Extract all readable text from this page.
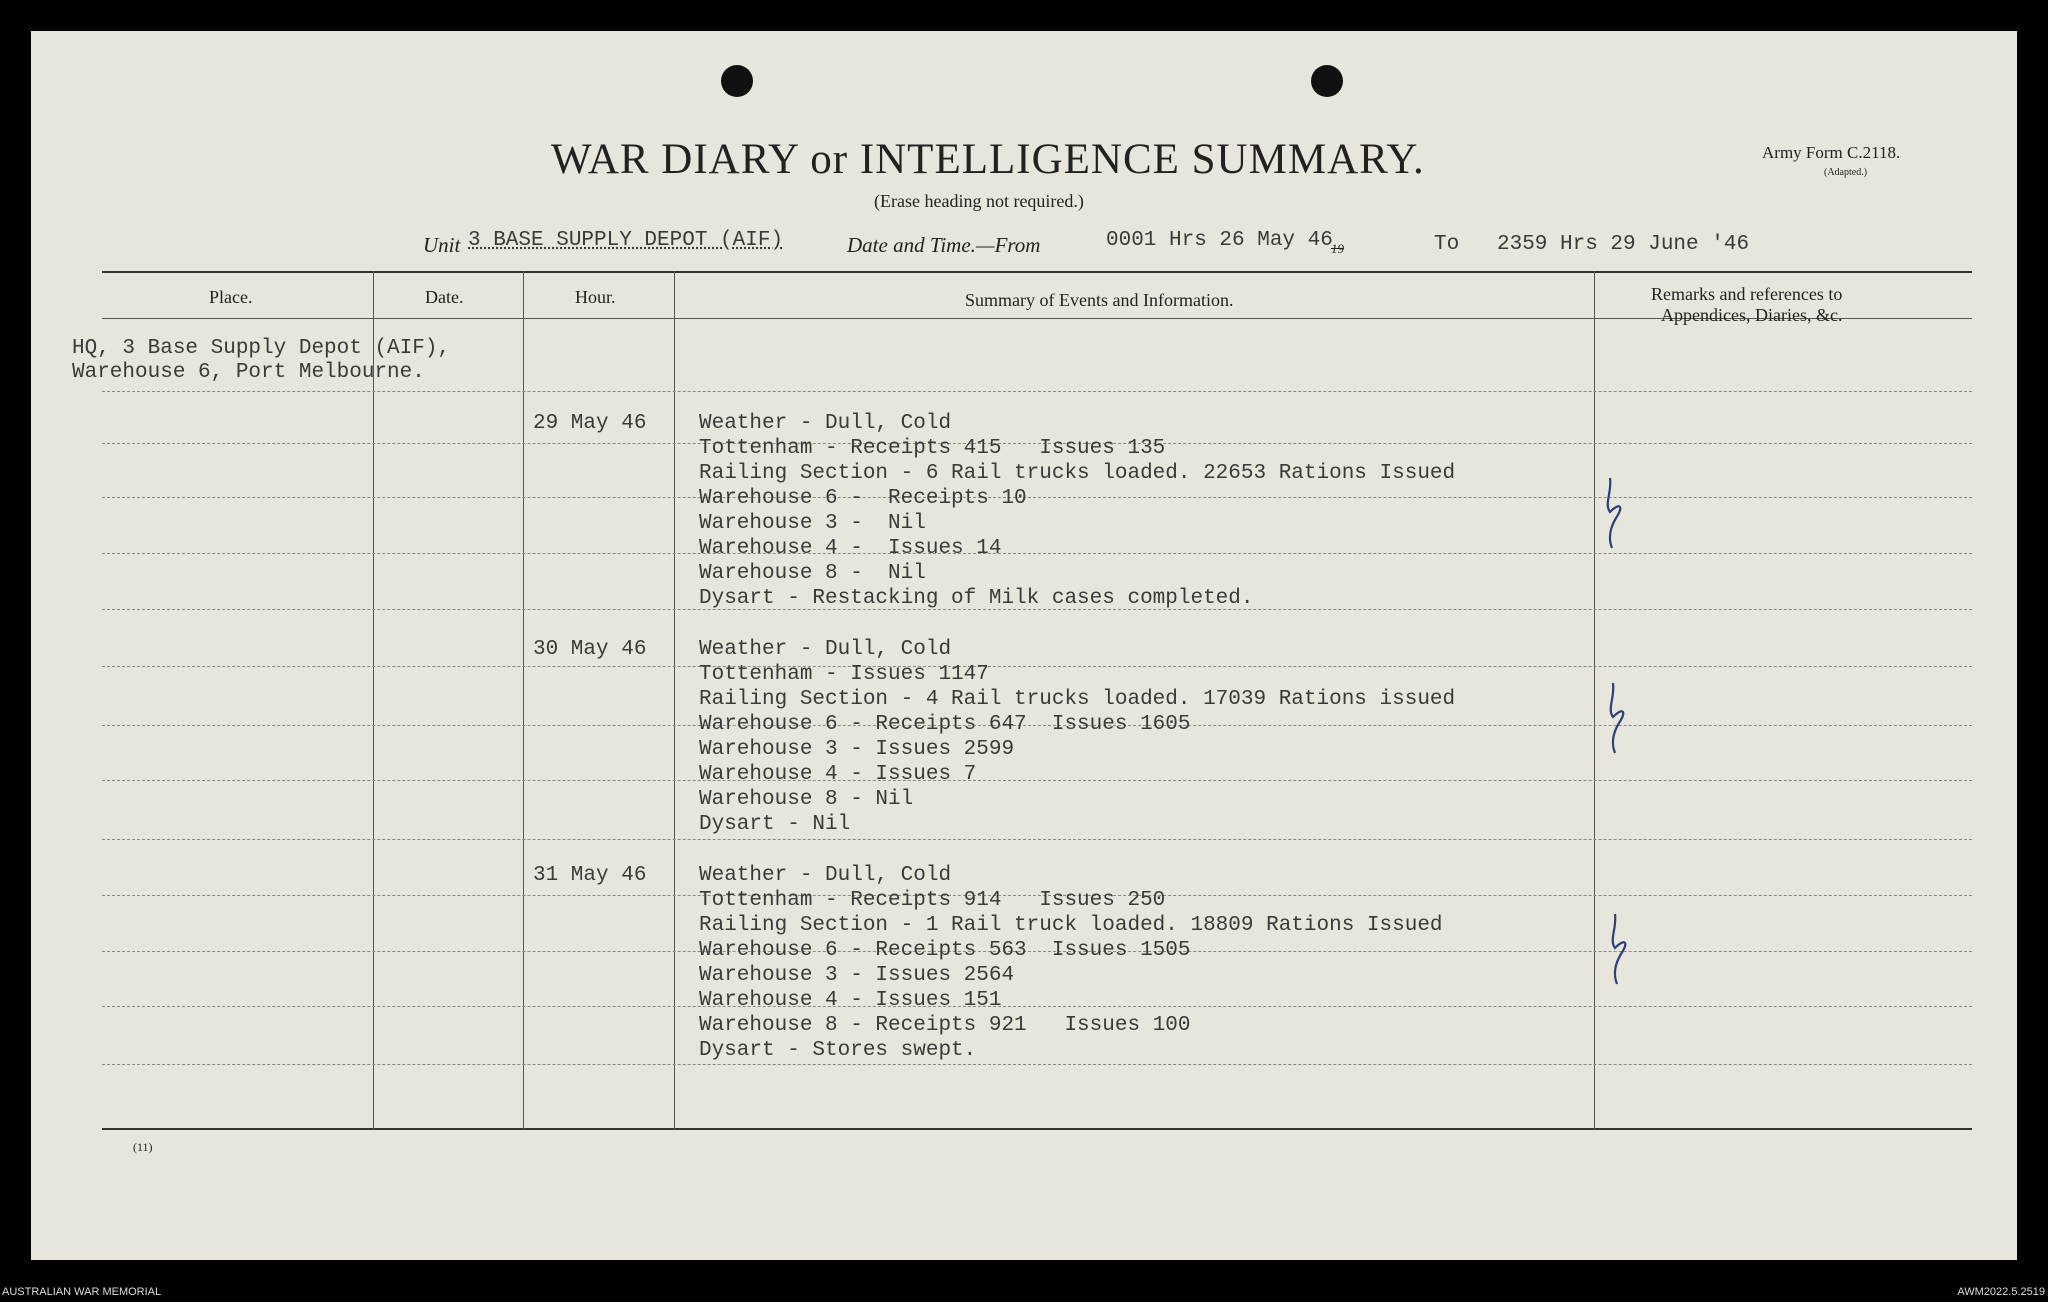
WAR DIARY or INTELLIGENCE SUMMARY.
(Erase heading not required.)
Army Form C.2118.
(Adapted.)
Unit 3 BASE SUPPLY DEPOT (AIF)	Date and Time.—From	0001 Hrs 26 May 46
19	To 2359 Hrs 29 June '46
Place.	Date.	Hour.	Summary of Events and Information.	Remarks and references to
Appendices, Diaries, &c.
HQ, 3 Base Supply Depot (AIF),
Warehouse 6, Port Melbourne.
29 May 46	Weather - Dull, Cold
Tottenham - Receipts 415   Issues 135
Railing Section - 6 Rail trucks loaded. 22653 Rations Issued
Warehouse 6 -  Receipts 10
Warehouse 3 -  Nil
Warehouse 4 -  Issues 14
Warehouse 8 -  Nil
Dysart - Restacking of Milk cases completed.
30 May 46	Weather - Dull, Cold
Tottenham - Issues 1147
Railing Section - 4 Rail trucks loaded. 17039 Rations issued
Warehouse 6 - Receipts 647  Issues 1605
Warehouse 3 - Issues 2599
Warehouse 4 - Issues 7
Warehouse 8 - Nil
Dysart - Nil
31 May 46	Weather - Dull, Cold
Tottenham - Receipts 914   Issues 250
Railing Section - 1 Rail truck loaded. 18809 Rations Issued
Warehouse 6 - Receipts 563  Issues 1505
Warehouse 3 - Issues 2564
Warehouse 4 - Issues 151
Warehouse 8 - Receipts 921   Issues 100
Dysart - Stores swept.
(11)
AUSTRALIAN WAR MEMORIAL	AWM2022.5.2519
